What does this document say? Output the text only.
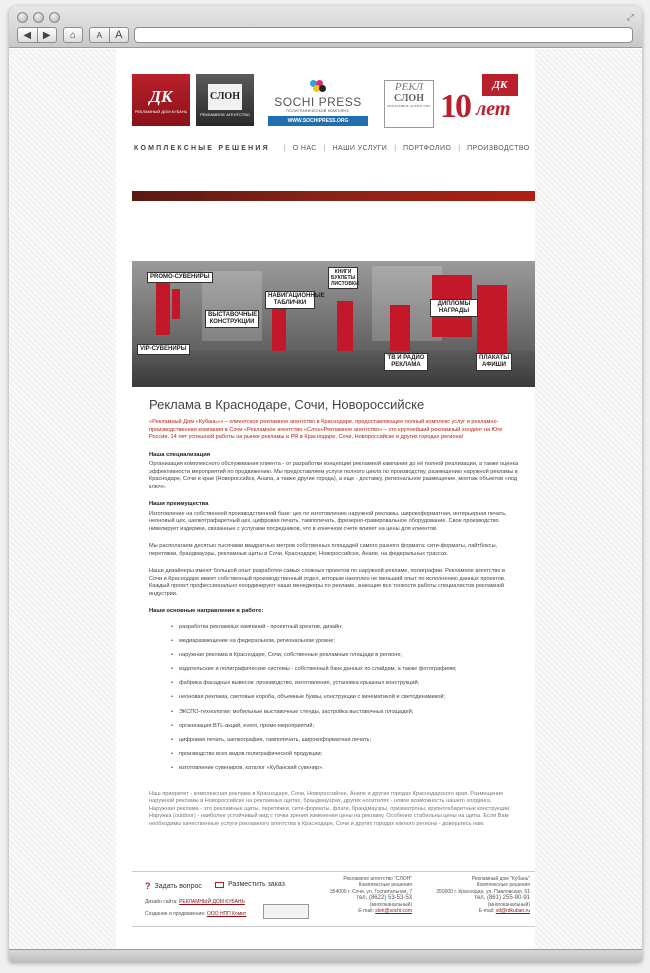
⤢
◀	▶	⌂	A	A
ДК
РЕКЛАМНЫЙ ДОМ КУБАНЬ
СЛОН
РЕКЛАМНОЕ АГЕНТСТВО
SOCHI PRESS
ПОЛИГРАФИЧЕСКИЙ КОМПЛЕКС
WWW.SOCHIPRESS.ORG
РЕКЛ
СЛОН
РЕКЛАМНОЕ АГЕНТСТВО
ДК
10 лет
КОМПЛЕКСНЫЕ РЕШЕНИЯ | О НАС | НАШИ УСЛУГИ | ПОРТФОЛИО | ПРОИЗВОДСТВО
PROMO-СУВЕНИРЫ
ВЫСТАВОЧНЫЕ КОНСТРУКЦИИ
VIP-СУВЕНИРЫ
НАВИГАЦИОННЫЕ ТАБЛИЧКИ
КНИГИ БУКЛЕТЫ ЛИСТОВКИ
ДИПЛОМЫ НАГРАДЫ
ТВ И РАДИО РЕКЛАМА
ПЛАКАТЫ АФИШИ
Реклама в Краснодаре, Сочи, Новороссийске

«Рекламный Дом «Кубань»» – клиентское рекламное агентство в Краснодаре, предоставляющее полный комплекс услуг и рекламно-производственная компания в Сочи «Рекламное агентство «Слон»Рекламное агентство» – это крупнейший рекламный холдинг на Юге России. 14 лет успешной работы на рынке рекламы и PR в Краснодаре, Сочи, Новороссийске и других городах региона!

Наша специализация

Организация комплексного обслуживания клиента - от разработки концепции рекламной кампании до её полной реализации, а также оценка эффективности мероприятий по продвижению. Мы предоставляем услуги полного цикла по производству, размещению наружной рекламы в Краснодаре, Сочи и крае (Новороссийск, Анапа, а также другие города), а еще - доставку, региональное размещение, монтаж объектов «под ключ».

Наши преимущества

Изготовление на собственной производственной базе: цех по изготовлению наружной рекламы, широкоформатная, интерьерная печать, неоновый цех, шелкотрафаретный цех, цифровая печать, тампопечать, фрезерно-гравировальное оборудование. Свое производство нивелирует издержки, связанные с услугами посредников, что в конечном счете влияет на цены для клиентов.

Мы располагаем десятью тысячами квадратных метров собственных площадей самого разного формата: сити-форматы, лайтбоксы, перетяжки, брандмауэры, рекламные щиты в Сочи, Краснодаре, Новороссийске, Анапе, на федеральных трассах.

Наши дизайнеры имеют большой опыт разработки самых сложных проектов по наружной рекламе, полиграфии. Рекламное агентство в Сочи и Краснодаре имеет собственный производственный отдел, которым накоплен не меньший опыт по исполнению данных проектов. Каждый проект профессионально координируют наши менеджеры по рекламе, знающие все тонкости работы специалистов рекламной индустрии.

Наши основные направления в работе:
• разработка рекламных кампаний - проектный креатив, дизайн;
• медиаразмещение на федеральном, региональном уровне;
• наружная реклама в Краснодаре, Сочи, собственные рекламные площади в регионе;
• издательские и полиграфические системы - собственный банк данных по слайдам, а также фотографиям;
• фабрика фасадных вывесок: производство, изготовление, установка крышных конструкций;
• неоновая реклама, световые короба, объемные буквы, конструкции с кинематикой и светодинамикой;
• ЭКСПО-технологии: мобильные выставочные стенды, застройка выставочных площадей;
• организация BTL-акций, event, промо-мероприятий;
• цифровая печать, шелкография, тампопечать, широкоформатная печать;
• производство всех видов полиграфической продукции;
• изготовление сувениров, каталог «Кубанский сувенир».

Наш приоритет - комплексная реклама в Краснодаре, Сочи, Новороссийске, Анапе и других городах Краснодарского края. Размещение наружной рекламы в Новороссийске на рекламных щитах, брандмауэрах, других носителях - новое возможность нашего холдинга. Наружная реклама - это рекламные щиты, перетяжки, сити-форматы, флаги, брандмауэры, призматроны, крупногабаритные конструкции. Наружка (outdoor) - наиболее устойчивый вид с точки зрения изменения цены на рекламу. Особенно стабильны цены на щиты. Если Вам необходимы качественные услуги рекламного агентства в Краснодаре, Сочи и других городах южного региона - доверьтесь нам.

? Задать вопрос	Разместить заказ
Дизайн сайта: РЕКЛАМНЫЙ ДОМ КУБАНЬ
Создание и продвижение: ООО НПП Комит
Рекламное агентство "СЛОН"
Комплексные решения
354000 г. Сочи, ул. Госпитальная, 7
тел. (8622) 53-53-53
(многоканальный)
E-mail: slon@sochi.com
Рекламный дом "Кубань"
Комплексные решения
350000 г. Краснодар, ул. Павловская, 61
тел. (861) 255-90-91
(многоканальный)
E-mail: vd@rdkuban.ru
